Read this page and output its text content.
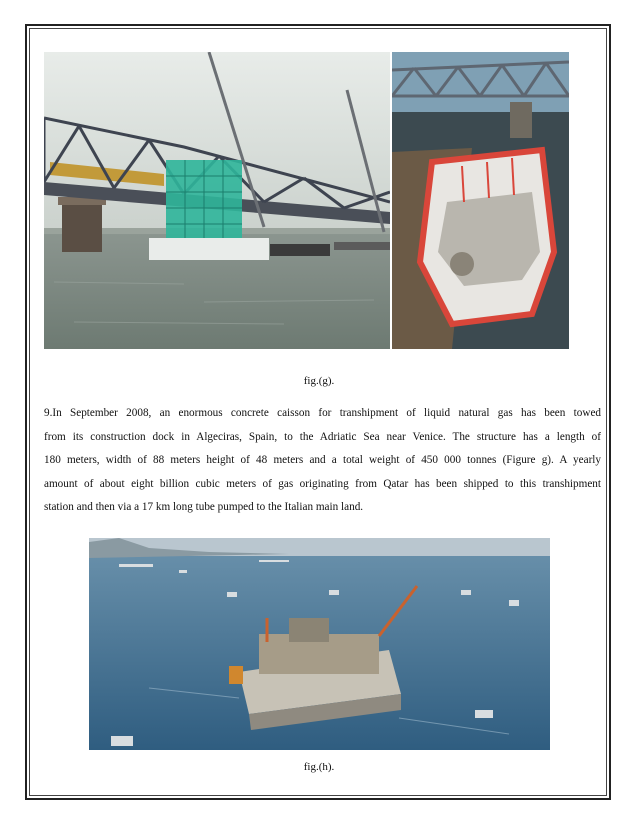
fig.(g).
9.In September 2008, an enormous concrete caisson for transhipment of liquid natural gas has been towed
from its construction dock in Algeciras, Spain, to the Adriatic Sea near Venice. The structure has a length of
180 meters, width of 88 meters height of 48 meters and a total weight of 450 000 tonnes (Figure g). A yearly
amount of about eight billion cubic meters of gas originating from Qatar has been shipped to this transhipment
station and then via a 17 km long tube pumped to the Italian main land.
fig.(h).
